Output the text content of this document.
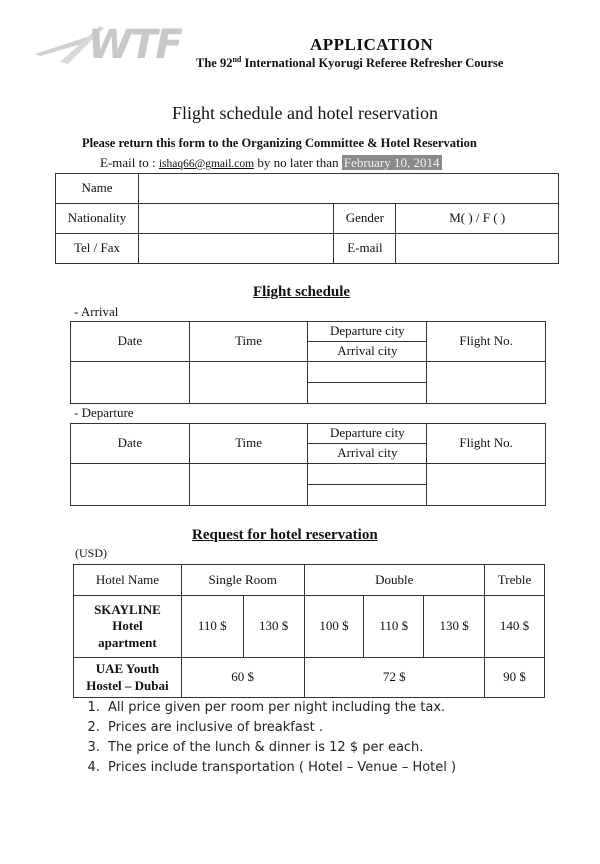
WTF	APPLICATION
The 92nd International Kyorugi Referee Refresher Course
Flight schedule and hotel reservation
Please return this form to the Organizing Committee & Hotel Reservation
E-mail to : ishaq66@gmail.com by no later than February 10, 2014
Name			
Nationality		Gender	M( ) / F ( )
Tel / Fax		E-mail	
Flight schedule
- Arrival
Date	Time	Departure city	Flight No.
		Arrival city	

- Departure
Date	Time	Departure city	Flight No.
		Arrival city	

Request for hotel reservation
(USD)
Hotel Name	Single Room		Double			Treble

SKAYLINE
Hotel
apartment	110 $	130 $	100 $	110 $	130 $	140 $

UAE Youth
Hostel – Dubai	60 $		72 $			90 $
1. All price given per room per night including the tax.
2. Prices are inclusive of breakfast .
3. The price of the lunch & dinner is 12 $ per each.
4. Prices include transportation ( Hotel – Venue – Hotel )
